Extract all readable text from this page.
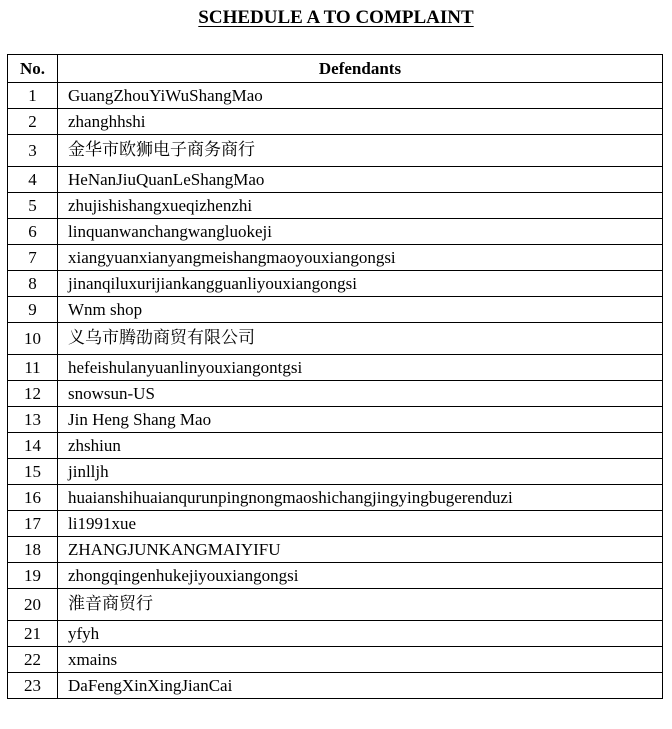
SCHEDULE A TO COMPLAINT
No.	Defendants
1	GuangZhouYiWuShangMao
2	zhanghhshi
3	金华市欧狮电子商务商行
4	HeNanJiuQuanLeShangMao
5	zhujishishangxueqizhenzhi
6	linquanwanchangwangluokeji
7	xiangyuanxianyangmeishangmaoyouxiangongsi
8	jinanqiluxurijiankangguanliyouxiangongsi
9	Wnm shop
10	义乌市腾劭商贸有限公司
11	hefeishulanyuanlinyouxiangontgsi
12	snowsun-US
13	Jin Heng Shang Mao
14	zhshiun
15	jinlljh
16	huaianshihuaianqurunpingnongmaoshichangjingyingbugerenduzi
17	li1991xue
18	ZHANGJUNKANGMAIYIFU
19	zhongqingenhukejiyouxiangongsi
20	淮音商贸行
21	yfyh
22	xmains
23	DaFengXinXingJianCai
